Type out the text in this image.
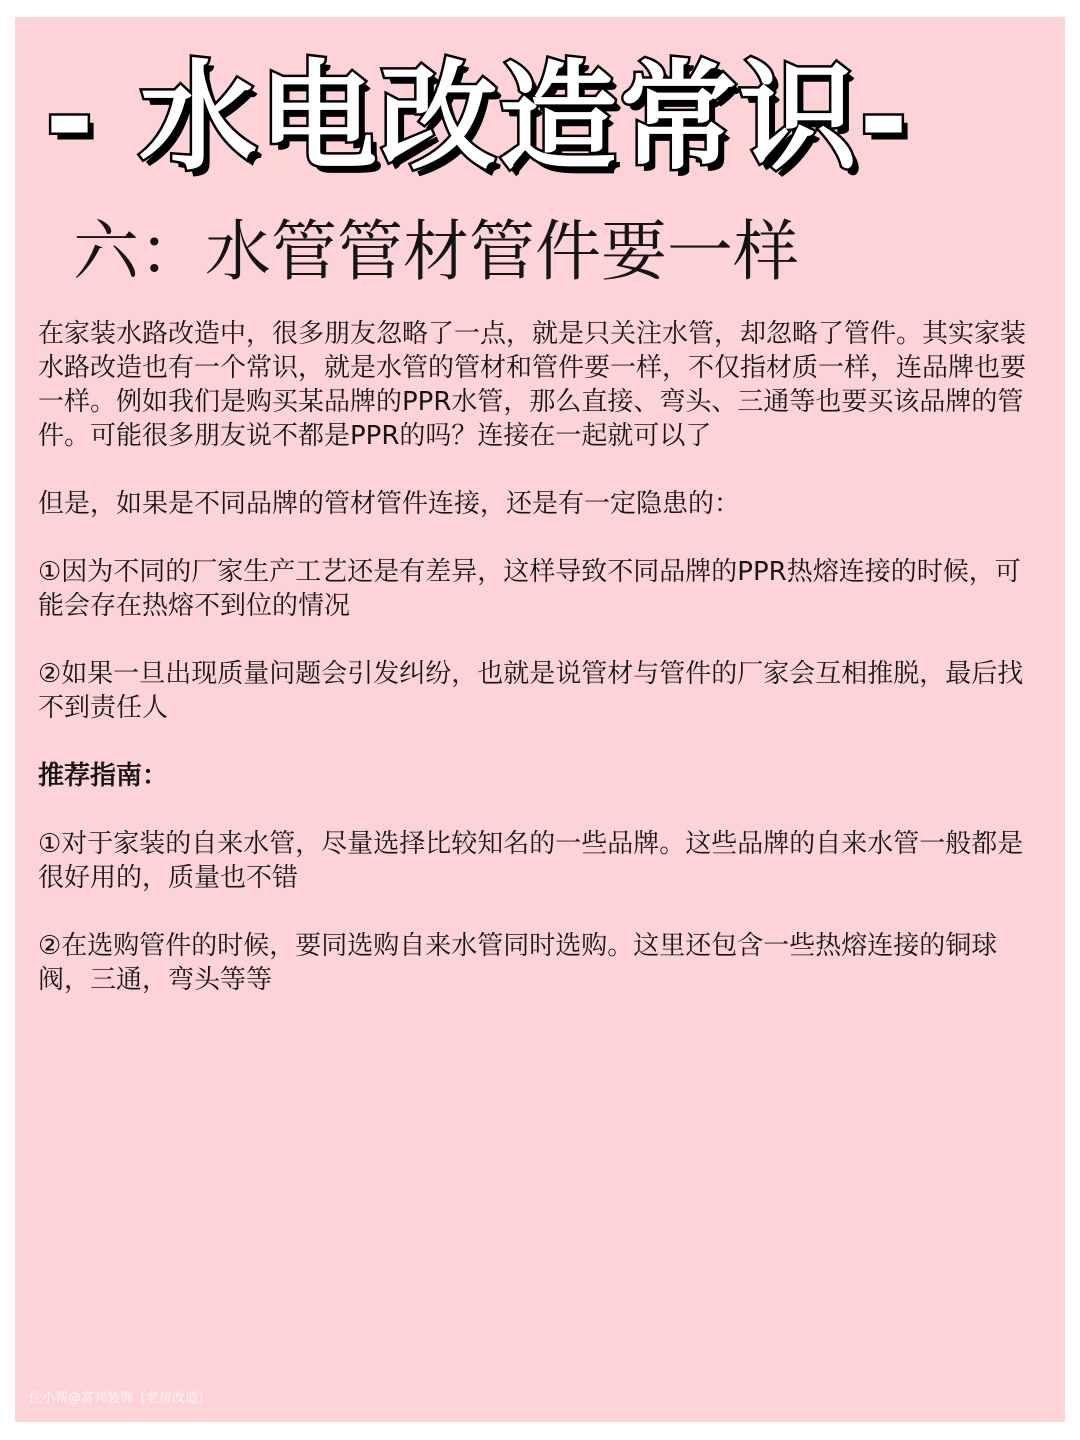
- 水电改造常识-
六：水管管材管件要一样

在家装水路改造中，很多朋友忽略了一点，就是只关注水管，却忽略了管件。其实家装水路改造也有一个常识，就是水管的管材和管件要一样，不仅指材质一样，连品牌也要一样。例如我们是购买某品牌的PPR水管，那么直接、弯头、三通等也要买该品牌的管件。可能很多朋友说不都是PPR的吗？连接在一起就可以了

但是，如果是不同品牌的管材管件连接，还是有一定隐患的：

①因为不同的厂家生产工艺还是有差异，这样导致不同品牌的PPR热熔连接的时候，可能会存在热熔不到位的情况

②如果一旦出现质量问题会引发纠纷，也就是说管材与管件的厂家会互相推脱，最后找不到责任人

推荐指南：

①对于家装的自来水管，尽量选择比较知名的一些品牌。这些品牌的自来水管一般都是很好用的，质量也不错

②在选购管件的时候，要同选购自来水管同时选购。这里还包含一些热熔连接的铜球阀，三通，弯头等等

住小帮@富邦装饰（老房改造）
